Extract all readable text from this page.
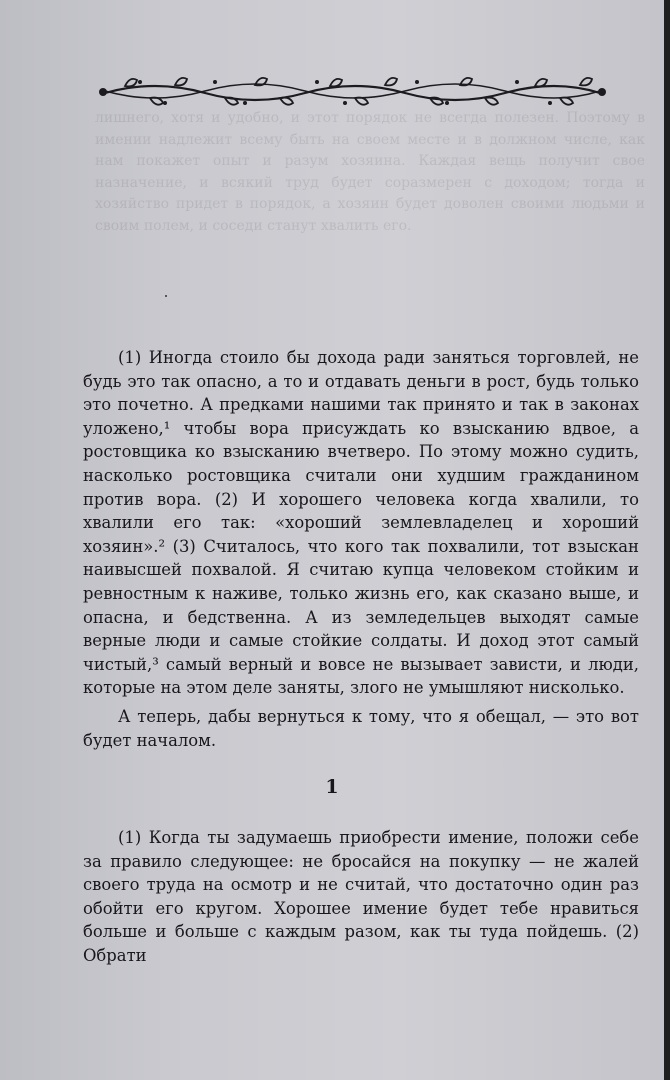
лишнего, хотя и удобно, и этот порядок не всегда полезен. Поэтому в имении надлежит всему быть на своем месте и в должном числе, как нам покажет опыт и разум хозяина. Каждая вещь получит свое назначение, и всякий труд будет соразмерен с доходом; тогда и хозяйство придет в порядок, а хозяин будет доволен своими людьми и своим полем, и соседи станут хвалить его.

(1) Иногда стоило бы дохода ради заняться торговлей, не будь это так опасно, а то и отдавать деньги в рост, будь только это почетно. А предками нашими так принято и так в законах уложено,¹ чтобы вора присуждать ко взысканию вдвое, а ростовщика ко взысканию вчетверо. По этому можно судить, насколько ростовщика считали они худшим гражданином против вора. (2) И хорошего человека когда хвалили, то хвалили его так: «хороший землевладелец и хороший хозяин».² (3) Считалось, что кого так похвалили, тот взыскан наивысшей похвалой. Я считаю купца человеком стойким и ревностным к наживе, только жизнь его, как сказано выше, и опасна, и бедственна. А из земледельцев выходят самые верные люди и самые стойкие солдаты. И доход этот самый чистый,³ самый верный и вовсе не вызывает зависти, и люди, которые на этом деле заняты, злого не умышляют нисколько.

А теперь, дабы вернуться к тому, что я обещал, — это вот будет началом.

1

(1) Когда ты задумаешь приобрести имение, положи себе за правило следующее: не бросайся на покупку — не жалей своего труда на осмотр и не считай, что достаточно один раз обойти его кругом. Хорошее имение будет тебе нравиться больше и больше с каждым разом, как ты туда пойдешь. (2) Обрати
